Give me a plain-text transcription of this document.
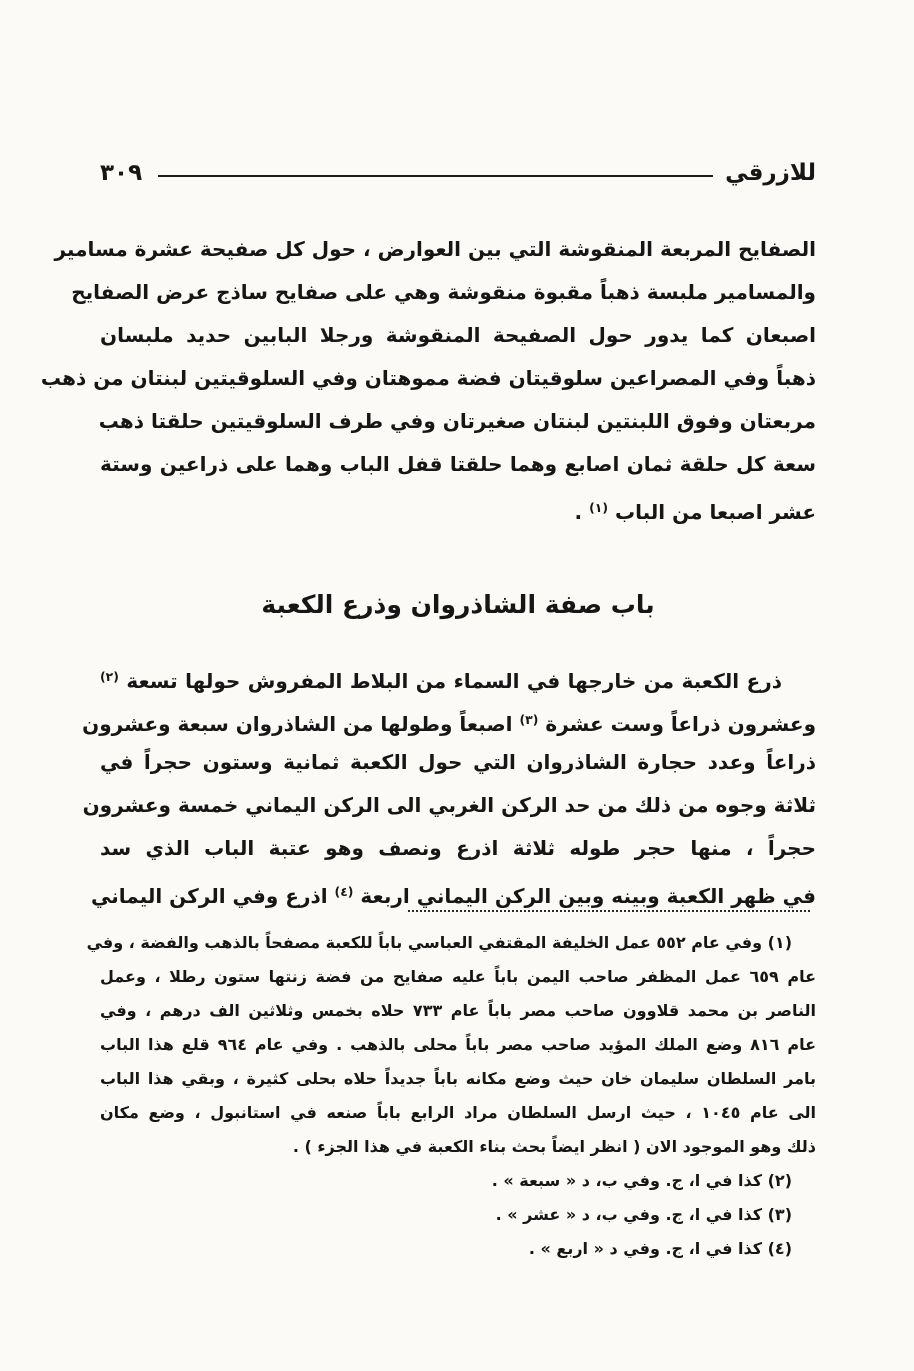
٣٠٩	للازرقي
الصفايح المربعة المنقوشة التي بين العوارض ، حول كل صفيحة عشرة مسامير
والمسامير ملبسة ذهباً مقبوة منقوشة وهي على صفايح ساذج عرض الصفايح
اصبعان كما يدور حول الصفيحة المنقوشة ورجلا البابين حديد ملبسان
ذهباً وفي المصراعين سلوقيتان فضة مموهتان وفي السلوقيتين لبنتان من ذهب
مربعتان وفوق اللبنتين لبنتان صغيرتان وفي طرف السلوقيتين حلقتا ذهب
سعة كل حلقة ثمان اصابع وهما حلقتا قفل الباب وهما على ذراعين وستة
عشر اصبعا من الباب $^{(١)}$ .
باب صفة الشاذروان وذرع الكعبة
ذرع الكعبة من خارجها في السماء من البلاط المفروش حولها تسعة $^{(٢)}$
وعشرون ذراعاً وست عشرة $^{(٣)}$ اصبعاً وطولها من الشاذروان سبعة وعشرون
ذراعاً وعدد حجارة الشاذروان التي حول الكعبة ثمانية وستون حجراً في
ثلاثة وجوه من ذلك من حد الركن الغربي الى الركن اليماني خمسة وعشرون
حجراً ، منها حجر طوله ثلاثة اذرع ونصف وهو عتبة الباب الذي سد
في ظهر الكعبة وبينه وبين الركن اليماني اربعة $^{(٤)}$ اذرع وفي الركن اليماني
(١) وفي عام ٥٥٢ عمل الخليفة المقتفي العباسي باباً للكعبة مصفحاً بالذهب والفضة ، وفي
عام ٦٥٩ عمل المظفر صاحب اليمن باباً عليه صفايح من فضة زنتها ستون رطلا ، وعمل
الناصر بن محمد قلاوون صاحب مصر باباً عام ٧٣٣ حلاه بخمس وثلاثين الف درهم ، وفي
عام ٨١٦ وضع الملك المؤيد صاحب مصر باباً محلى بالذهب . وفي عام ٩٦٤ قلع هذا الباب
بامر السلطان سليمان خان حيث وضع مكانه باباً جديداً حلاه بحلى كثيرة ، وبقي هذا الباب
الى عام ١٠٤٥ ، حيث ارسل السلطان مراد الرابع باباً صنعه في استانبول ، وضع مكان
ذلك وهو الموجود الان ( انظر ايضاً بحث بناء الكعبة في هذا الجزء ) .
(٢) كذا في ا، ج. وفي ب، د « سبعة » .
(٣) كذا في ا، ج. وفي ب، د « عشر » .
(٤) كذا في ا، ج. وفي د « اربع » .
